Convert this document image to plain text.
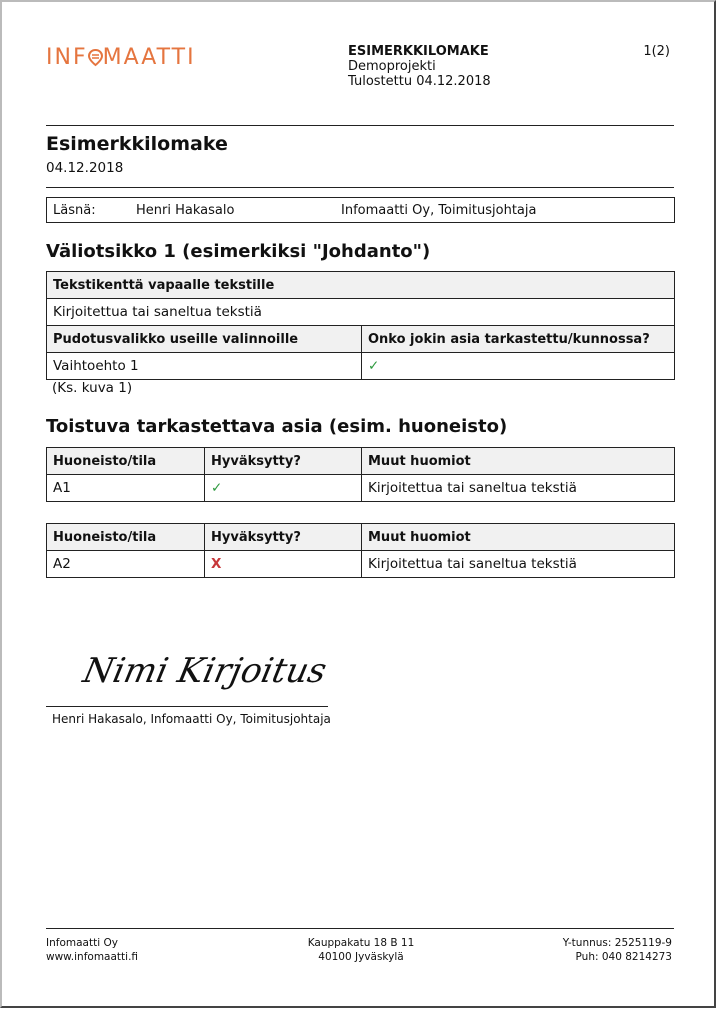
INF MAATTI	ESIMERKKILOMAKE
Demoprojekti
Tulostettu 04.12.2018
1(2)
Esimerkkilomake
04.12.2018
Läsnä:	Henri Hakasalo	Infomaatti Oy, Toimitusjohtaja
Väliotsikko 1 (esimerkiksi "Johdanto")
Tekstikenttä vapaalle tekstille	
Kirjoitettua tai saneltua tekstiä	
Pudotusvalikko useille valinnoille	Onko jokin asia tarkastettu/kunnossa?
Vaihtoehto 1	✓
(Ks. kuva 1)
Toistuva tarkastettava asia (esim. huoneisto)
Huoneisto/tila	Hyväksytty?	Muut huomiot
A1	✓	Kirjoitettua tai saneltua tekstiä
Huoneisto/tila	Hyväksytty?	Muut huomiot
A2	X	Kirjoitettua tai saneltua tekstiä
Nimi Kirjoitus
Henri Hakasalo, Infomaatti Oy, Toimitusjohtaja
Infomaatti Oy
www.infomaatti.fi
Kauppakatu 18 B 11
40100 Jyväskylä
Y-tunnus: 2525119-9
Puh: 040 8214273
